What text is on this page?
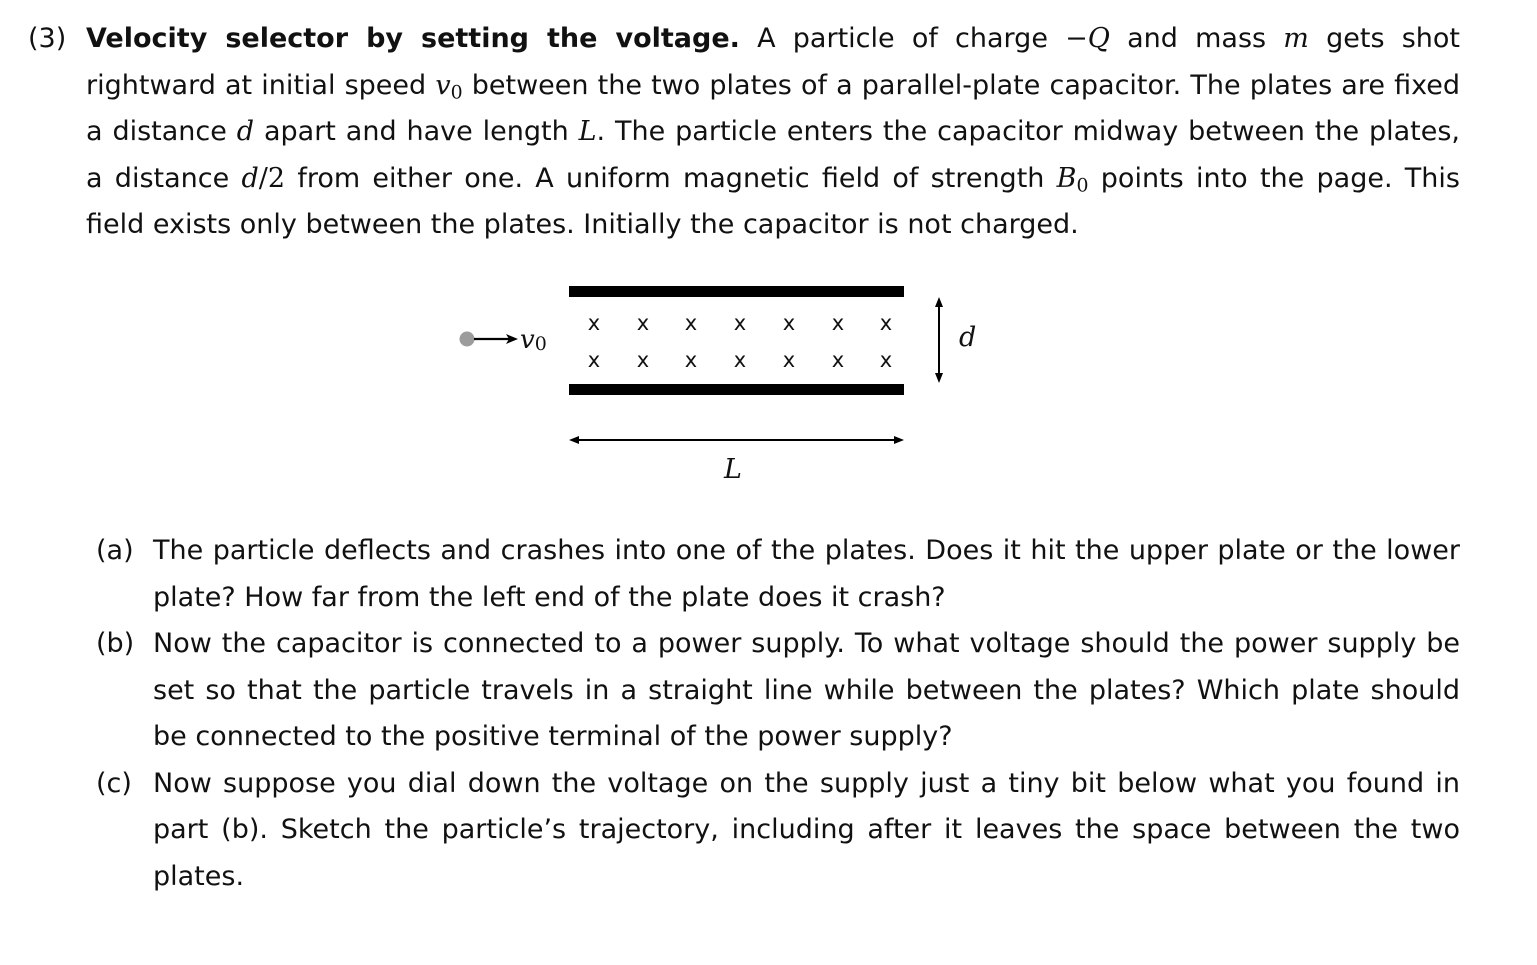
(3) Velocity selector by setting the voltage. A particle of charge −Q and mass m gets shot rightward at initial speed $v_0$ between the two plates of a parallel-plate capacitor. The plates are fixed a distance d apart and have length L. The particle enters the capacitor midway between the plates, a distance d/2 from either one. A uniform magnetic field of strength $B_0$ points into the page. This field exists only between the plates. Initially the capacitor is not charged.
v0
x x x x x x x
x x x x x x x
d
L
(a) The particle deflects and crashes into one of the plates. Does it hit the upper plate or the lower plate? How far from the left end of the plate does it crash?
(b) Now the capacitor is connected to a power supply. To what voltage should the power supply be set so that the particle travels in a straight line while between the plates? Which plate should be connected to the positive terminal of the power supply?
(c) Now suppose you dial down the voltage on the supply just a tiny bit below what you found in part (b). Sketch the particle’s trajectory, including after it leaves the space between the two plates.
